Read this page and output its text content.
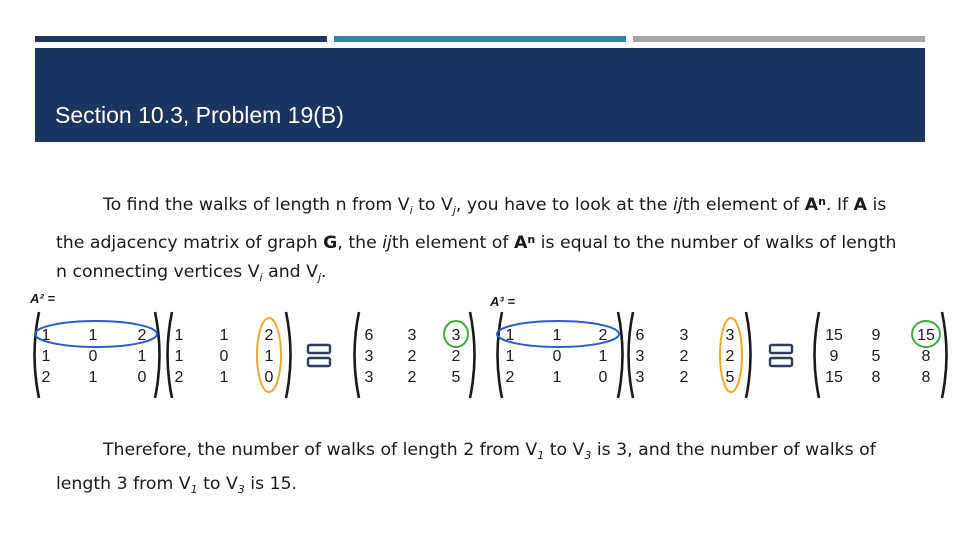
Section 10.3, Problem 19(B)
To find the walks of length n from $V_i$ to $V_j$, you have to look at the ijth element of $A^n$. If A is the adjacency matrix of graph G, the ijth element of $A^n$ is equal to the number of walks of length n connecting vertices $V_i$ and $V_j$.
A² =	A³ =
1 1	2
1 0	1
2 1	0
1 1 2
1 0 1
2 1 0
6 3 3
3 2 2
3 2 5
1 1 2
1 0 1
2 1 0
6 3 3
3 2 2
3 2 5
15 9 15
9 5	8
15 8	8
Therefore, the number of walks of length 2 from $V_1$ to $V_3$ is 3, and the number of walks of length 3 from $V_1$ to $V_3$ is 15.
